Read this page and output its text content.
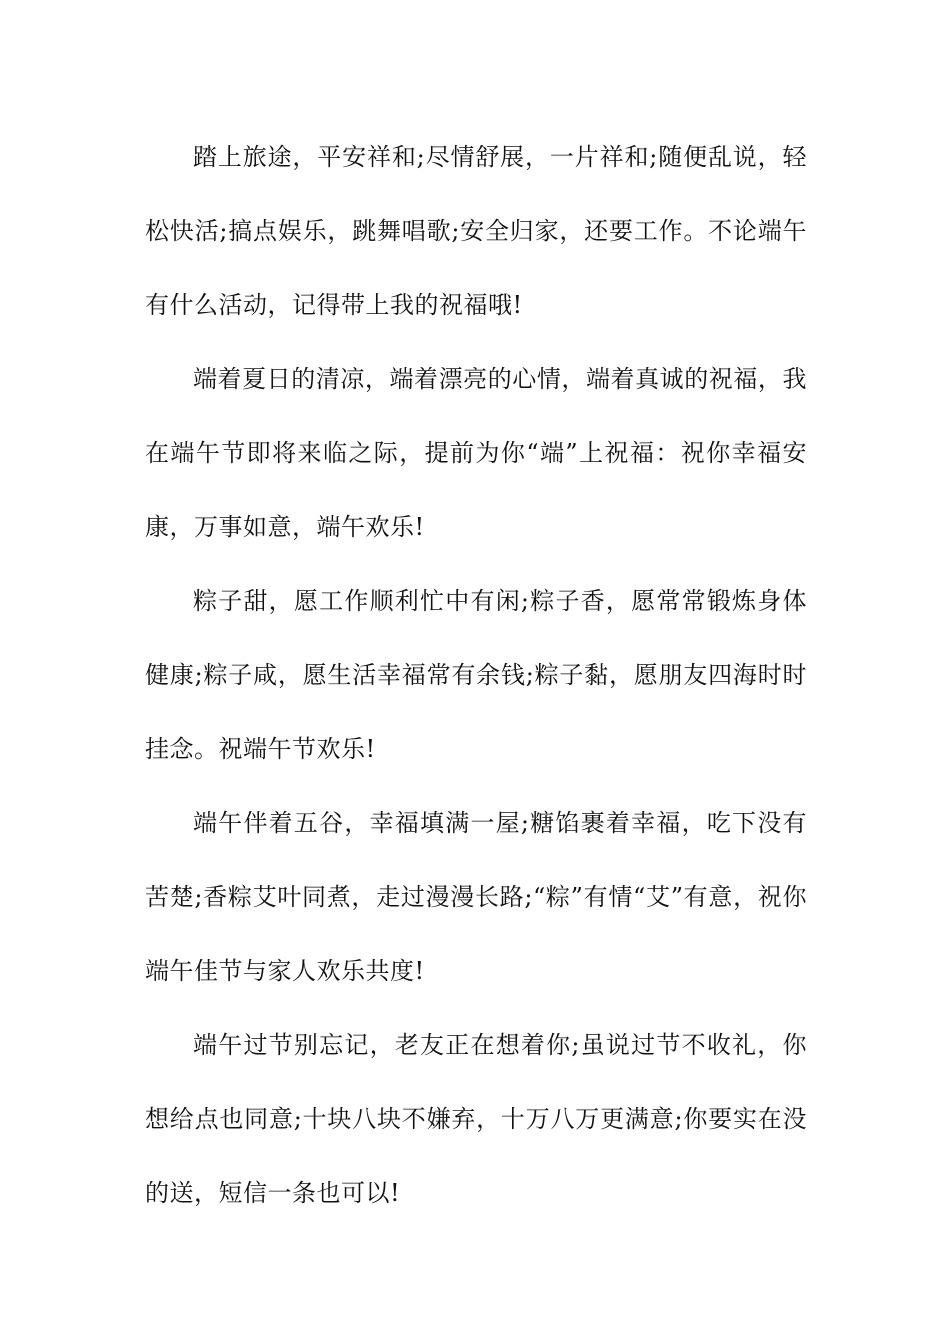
踏上旅途，平安祥和;尽情舒展，一片祥和;随便乱说，轻松快活;搞点娱乐，跳舞唱歌;安全归家，还要工作。不论端午有什么活动，记得带上我的祝福哦!

端着夏日的清凉，端着漂亮的心情，端着真诚的祝福，我在端午节即将来临之际，提前为你“端”上祝福：祝你幸福安康，万事如意，端午欢乐!

粽子甜，愿工作顺利忙中有闲;粽子香，愿常常锻炼身体健康;粽子咸，愿生活幸福常有余钱;粽子黏，愿朋友四海时时挂念。祝端午节欢乐!

端午伴着五谷，幸福填满一屋;糖馅裹着幸福，吃下没有苦楚;香粽艾叶同煮，走过漫漫长路;“粽”有情“艾”有意，祝你端午佳节与家人欢乐共度!

端午过节别忘记，老友正在想着你;虽说过节不收礼，你想给点也同意;十块八块不嫌弃，十万八万更满意;你要实在没的送，短信一条也可以!
